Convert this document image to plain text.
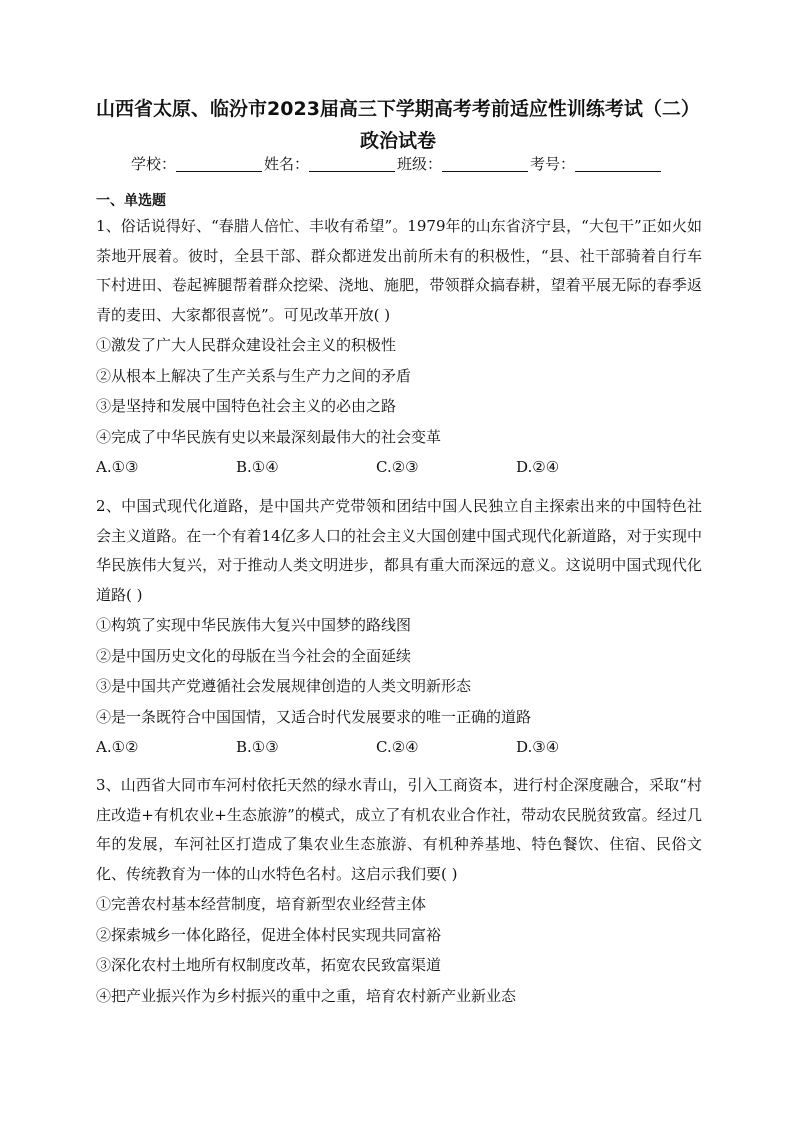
山西省太原、临汾市2023届高三下学期高考考前适应性训练考试（二）政治试卷
学校：	姓名：	班级：	考号：
一、单选题

1、俗话说得好、“春腊人倍忙、丰收有希望”。1979年的山东省济宁县，“大包干”正如火如荼地开展着。彼时，全县干部、群众都迸发出前所未有的积极性，“县、社干部骑着自行车下村进田、卷起裤腿帮着群众挖梁、浇地、施肥，带领群众搞春耕，望着平展无际的春季返青的麦田、大家都很喜悦”。可见改革开放( )

①激发了广大人民群众建设社会主义的积极性

②从根本上解决了生产关系与生产力之间的矛盾

③是坚持和发展中国特色社会主义的必由之路

④完成了中华民族有史以来最深刻最伟大的社会变革

A.①③	B.①④	C.②③	D.②④

2、中国式现代化道路，是中国共产党带领和团结中国人民独立自主探索出来的中国特色社会主义道路。在一个有着14亿多人口的社会主义大国创建中国式现代化新道路，对于实现中华民族伟大复兴，对于推动人类文明进步，都具有重大而深远的意义。这说明中国式现代化道路( )

①构筑了实现中华民族伟大复兴中国梦的路线图

②是中国历史文化的母版在当今社会的全面延续

③是中国共产党遵循社会发展规律创造的人类文明新形态

④是一条既符合中国国情，又适合时代发展要求的唯一正确的道路

A.①②	B.①③	C.②④	D.③④

3、山西省大同市车河村依托天然的绿水青山，引入工商资本，进行村企深度融合，采取“村庄改造+有机农业+生态旅游”的模式，成立了有机农业合作社，带动农民脱贫致富。经过几年的发展，车河社区打造成了集农业生态旅游、有机种养基地、特色餐饮、住宿、民俗文化、传统教育为一体的山水特色名村。这启示我们要( )

①完善农村基本经营制度，培育新型农业经营主体

②探索城乡一体化路径，促进全体村民实现共同富裕

③深化农村土地所有权制度改革，拓宽农民致富渠道

④把产业振兴作为乡村振兴的重中之重，培育农村新产业新业态
